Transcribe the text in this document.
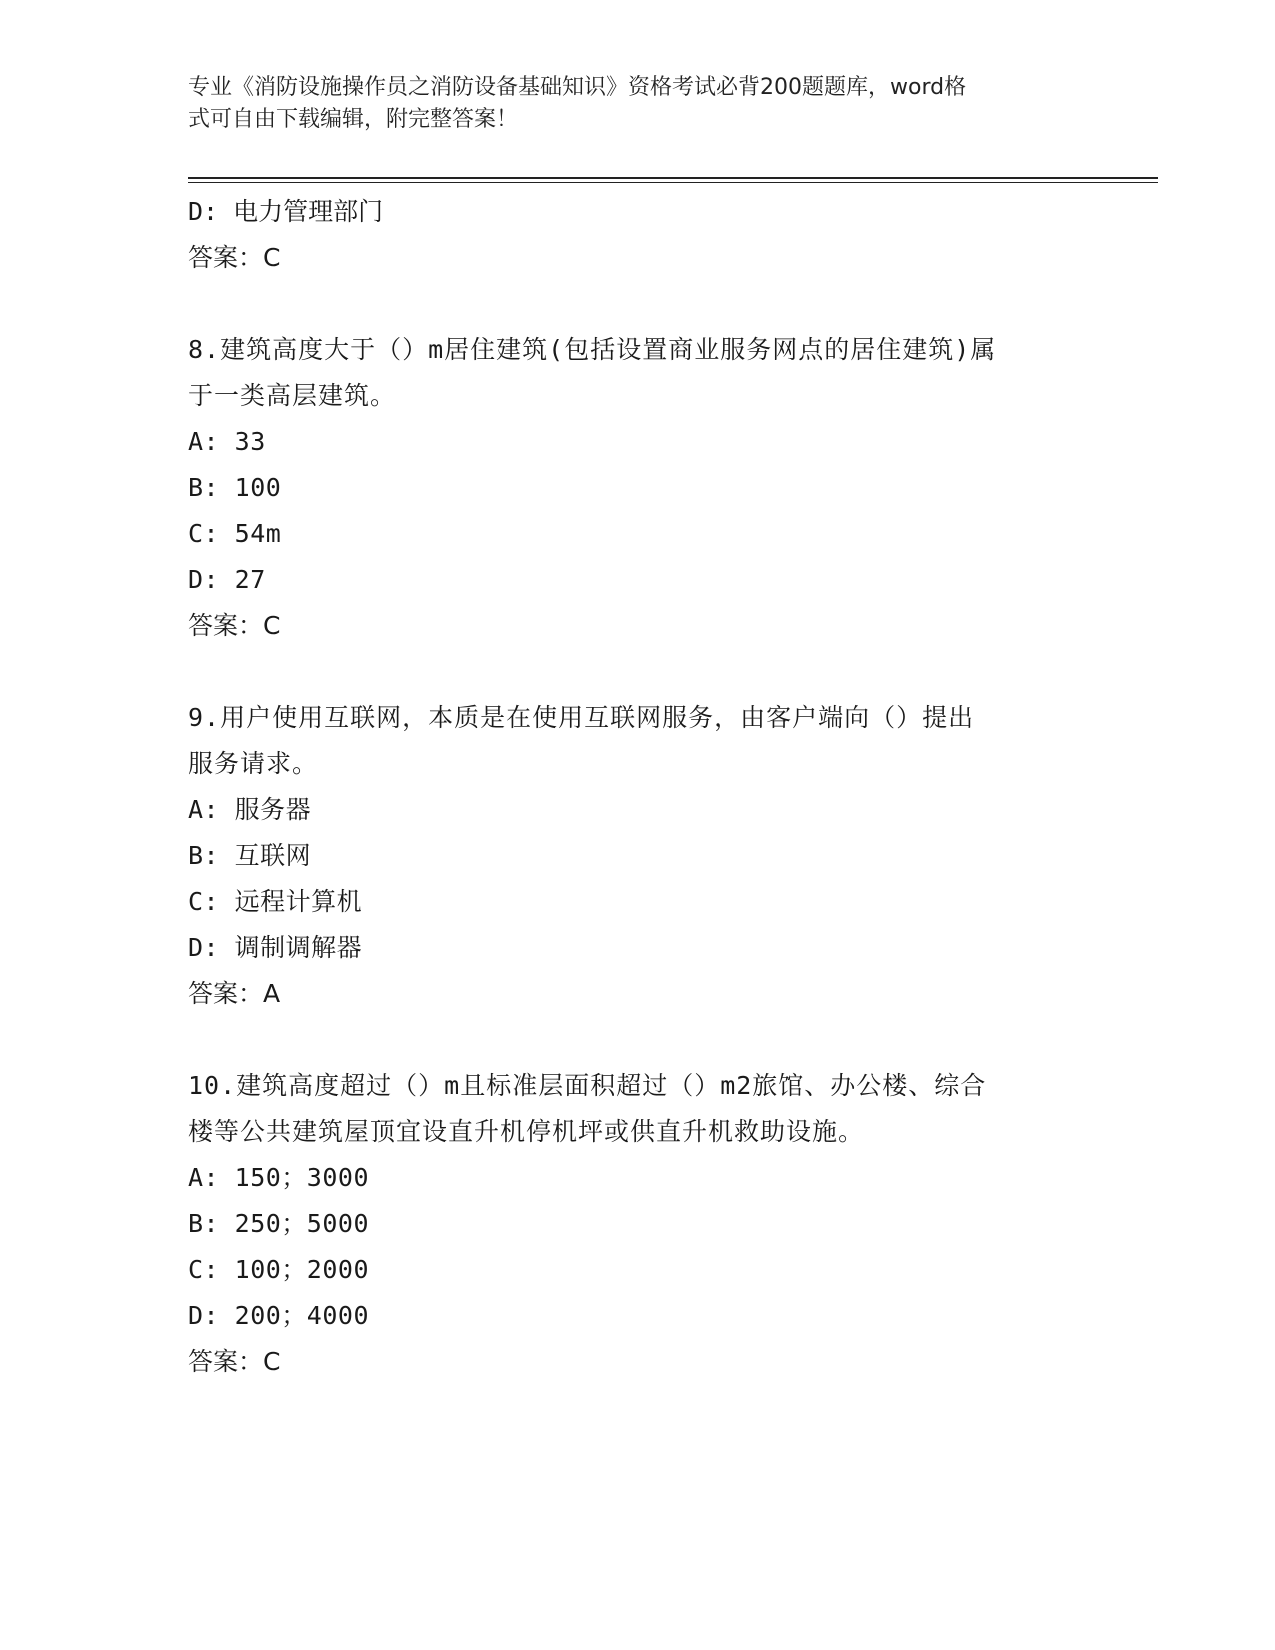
专业《消防设施操作员之消防设备基础知识》资格考试必背200题题库，word格
式可自由下载编辑，附完整答案！
D: 电力管理部门
答案：C
8.建筑高度大于（）m居住建筑(包括设置商业服务网点的居住建筑)属
于一类高层建筑。
A: 33
B: 100
C: 54m
D: 27
答案：C
9.用户使用互联网，本质是在使用互联网服务，由客户端向（）提出
服务请求。
A: 服务器
B: 互联网
C: 远程计算机
D: 调制调解器
答案：A
10.建筑高度超过（）m且标准层面积超过（）m2旅馆、办公楼、综合
楼等公共建筑屋顶宜设直升机停机坪或供直升机救助设施。
A: 150；3000
B: 250；5000
C: 100；2000
D: 200；4000
答案：C
